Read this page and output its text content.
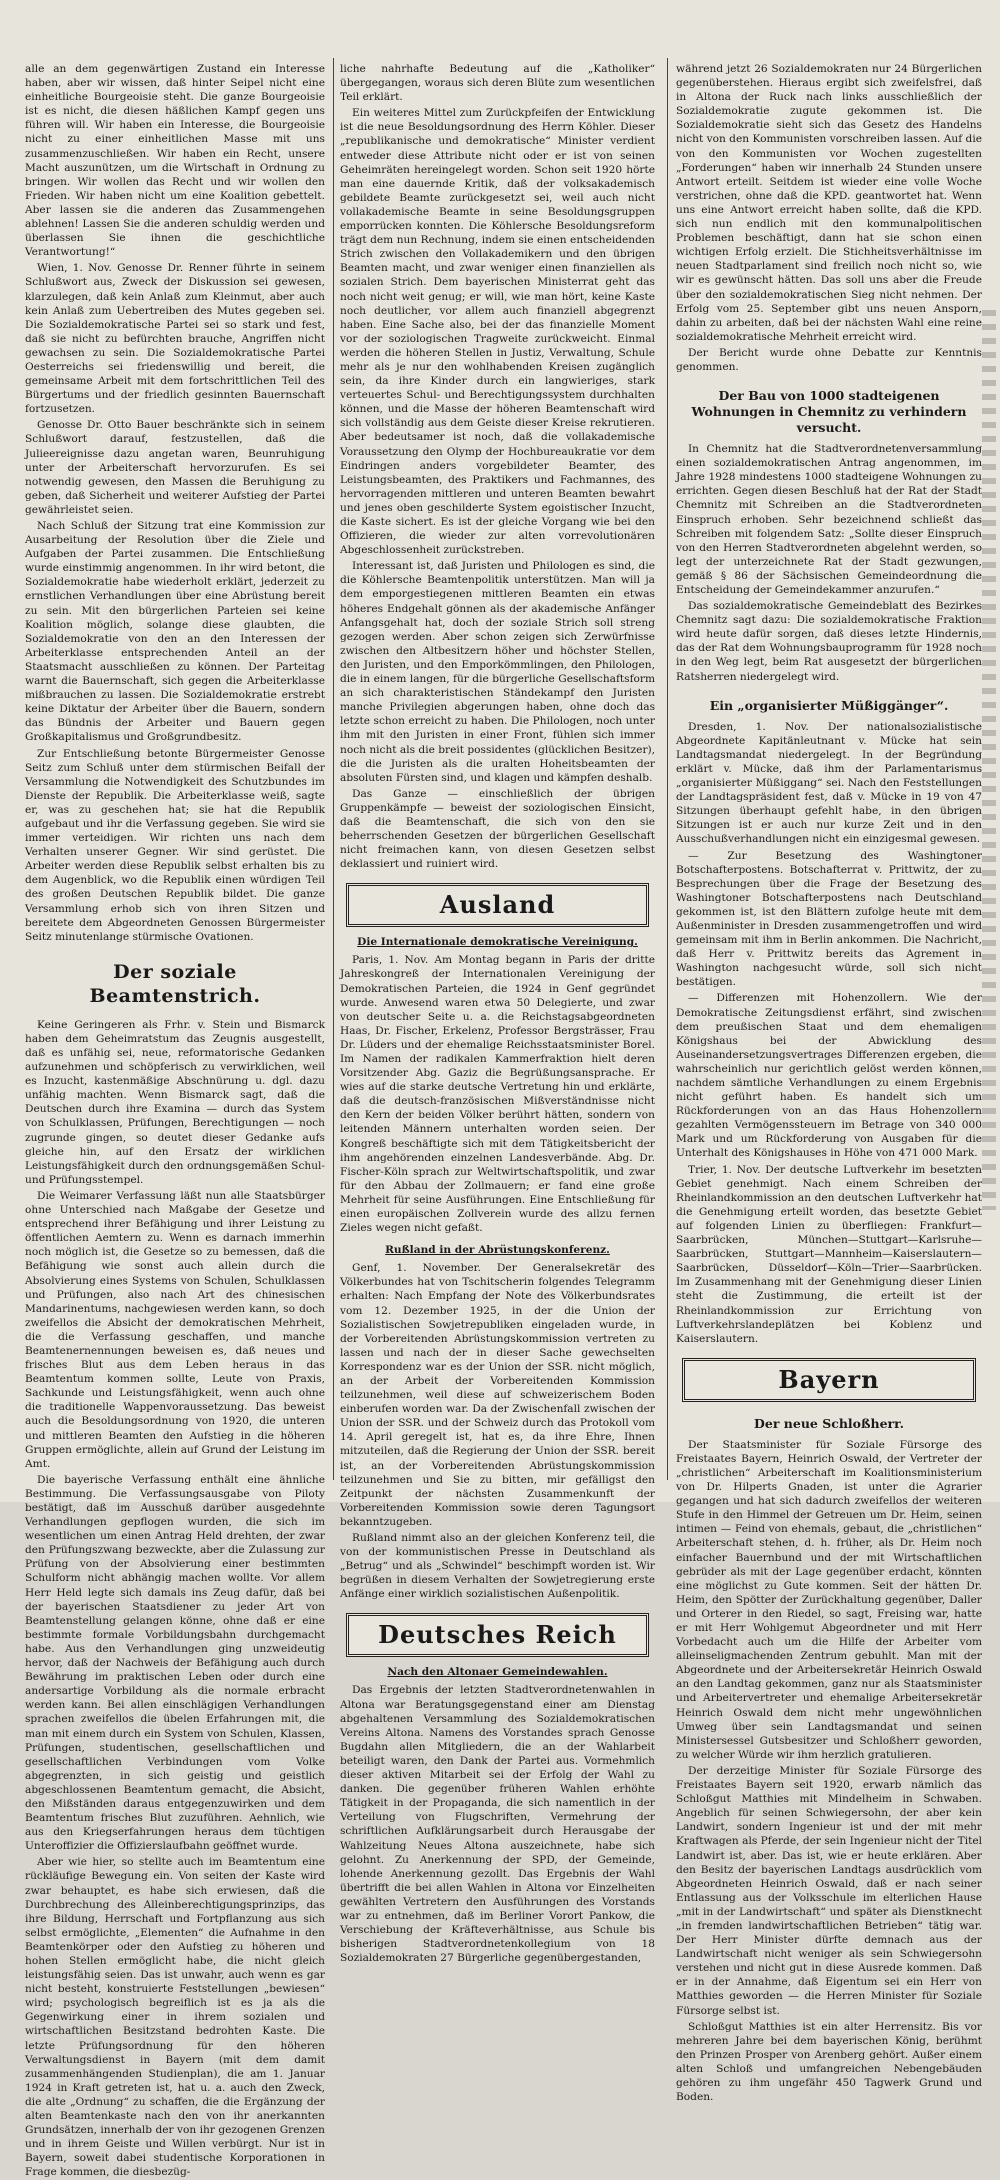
alle an dem gegenwärtigen Zustand ein Interesse haben, aber wir wissen, daß hinter Seipel nicht eine einheitliche Bourgeoisie steht. Die ganze Bourgeoisie ist es nicht, die diesen häßlichen Kampf gegen uns führen will. Wir haben ein Interesse, die Bourgeoisie nicht zu einer einheitlichen Masse mit uns zusammenzuschließen. Wir haben ein Recht, unsere Macht auszunützen, um die Wirtschaft in Ordnung zu bringen. Wir wollen das Recht und wir wollen den Frieden. Wir haben nicht um eine Koalition gebettelt. Aber lassen sie die anderen das Zusammengehen ablehnen! Lassen Sie die anderen schuldig werden und überlassen Sie ihnen die geschichtliche Verantwortung!“

Wien, 1. Nov. Genosse Dr. Renner führte in seinem Schlußwort aus, Zweck der Diskussion sei gewesen, klarzulegen, daß kein Anlaß zum Kleinmut, aber auch kein Anlaß zum Uebertreiben des Mutes gegeben sei. Die Sozialdemokratische Partei sei so stark und fest, daß sie nicht zu befürchten brauche, Angriffen nicht gewachsen zu sein. Die Sozialdemokratische Partei Oesterreichs sei friedenswillig und bereit, die gemeinsame Arbeit mit dem fortschrittlichen Teil des Bürgertums und der friedlich gesinnten Bauernschaft fortzusetzen.

Genosse Dr. Otto Bauer beschränkte sich in seinem Schlußwort darauf, festzustellen, daß die Julieereignisse dazu angetan waren, Beunruhigung unter der Arbeiterschaft hervorzurufen. Es sei notwendig gewesen, den Massen die Beruhigung zu geben, daß Sicherheit und weiterer Aufstieg der Partei gewährleistet seien.

Nach Schluß der Sitzung trat eine Kommission zur Ausarbeitung der Resolution über die Ziele und Aufgaben der Partei zusammen. Die Entschließung wurde einstimmig angenommen. In ihr wird betont, die Sozialdemokratie habe wiederholt erklärt, jederzeit zu ernstlichen Verhandlungen über eine Abrüstung bereit zu sein. Mit den bürgerlichen Parteien sei keine Koalition möglich, solange diese glaubten, die Sozialdemokratie von den an den Interessen der Arbeiterklasse entsprechenden Anteil an der Staatsmacht ausschließen zu können. Der Parteitag warnt die Bauernschaft, sich gegen die Arbeiterklasse mißbrauchen zu lassen. Die Sozialdemokratie erstrebt keine Diktatur der Arbeiter über die Bauern, sondern das Bündnis der Arbeiter und Bauern gegen Großkapitalismus und Großgrundbesitz.

Zur Entschließung betonte Bürgermeister Genosse Seitz zum Schluß unter dem stürmischen Beifall der Versammlung die Notwendigkeit des Schutzbundes im Dienste der Republik. Die Arbeiterklasse weiß, sagte er, was zu geschehen hat; sie hat die Republik aufgebaut und ihr die Verfassung gegeben. Sie wird sie immer verteidigen. Wir richten uns nach dem Verhalten unserer Gegner. Wir sind gerüstet. Die Arbeiter werden diese Republik selbst erhalten bis zu dem Augenblick, wo die Republik einen würdigen Teil des großen Deutschen Republik bildet. Die ganze Versammlung erhob sich von ihren Sitzen und bereitete dem Abgeordneten Genossen Bürgermeister Seitz minutenlange stürmische Ovationen.

Der soziale Beamtenstrich.

Keine Geringeren als Frhr. v. Stein und Bismarck haben dem Geheimratstum das Zeugnis ausgestellt, daß es unfähig sei, neue, reformatorische Gedanken aufzunehmen und schöpferisch zu verwirklichen, weil es Inzucht, kastenmäßige Abschnürung u. dgl. dazu unfähig machten. Wenn Bismarck sagt, daß die Deutschen durch ihre Examina — durch das System von Schulklassen, Prüfungen, Berechtigungen — noch zugrunde gingen, so deutet dieser Gedanke aufs gleiche hin, auf den Ersatz der wirklichen Leistungsfähigkeit durch den ordnungsgemäßen Schul- und Prüfungsstempel.

Die Weimarer Verfassung läßt nun alle Staatsbürger ohne Unterschied nach Maßgabe der Gesetze und entsprechend ihrer Befähigung und ihrer Leistung zu öffentlichen Aemtern zu. Wenn es darnach immerhin noch möglich ist, die Gesetze so zu bemessen, daß die Befähigung wie sonst auch allein durch die Absolvierung eines Systems von Schulen, Schulklassen und Prüfungen, also nach Art des chinesischen Mandarinentums, nachgewiesen werden kann, so doch zweifellos die Absicht der demokratischen Mehrheit, die die Verfassung geschaffen, und manche Beamtenernennungen beweisen es, daß neues und frisches Blut aus dem Leben heraus in das Beamtentum kommen sollte, Leute von Praxis, Sachkunde und Leistungsfähigkeit, wenn auch ohne die traditionelle Wappenvoraussetzung. Das beweist auch die Besoldungsordnung von 1920, die unteren und mittleren Beamten den Aufstieg in die höheren Gruppen ermöglichte, allein auf Grund der Leistung im Amt.

Die bayerische Verfassung enthält eine ähnliche Bestimmung. Die Verfassungsausgabe von Piloty bestätigt, daß im Ausschuß darüber ausgedehnte Verhandlungen gepflogen wurden, die sich im wesentlichen um einen Antrag Held drehten, der zwar den Prüfungszwang bezweckte, aber die Zulassung zur Prüfung von der Absolvierung einer bestimmten Schulform nicht abhängig machen wollte. Vor allem Herr Held legte sich damals ins Zeug dafür, daß bei der bayerischen Staatsdiener zu jeder Art von Beamtenstellung gelangen könne, ohne daß er eine bestimmte formale Vorbildungsbahn durchgemacht habe. Aus den Verhandlungen ging unzweideutig hervor, daß der Nachweis der Befähigung auch durch Bewährung im praktischen Leben oder durch eine andersartige Vorbildung als die normale erbracht werden kann. Bei allen einschlägigen Verhandlungen sprachen zweifellos die übelen Erfahrungen mit, die man mit einem durch ein System von Schulen, Klassen, Prüfungen, studentischen, gesellschaftlichen und gesellschaftlichen Verbindungen vom Volke abgegrenzten, in sich geistig und geistlich abgeschlossenen Beamtentum gemacht, die Absicht, den Mißständen daraus entgegenzuwirken und dem Beamtentum frisches Blut zuzuführen. Aehnlich, wie aus den Kriegserfahrungen heraus dem tüchtigen Unteroffizier die Offizierslaufbahn geöffnet wurde.

Aber wie hier, so stellte auch im Beamtentum eine rückläufige Bewegung ein. Von seiten der Kaste wird zwar behauptet, es habe sich erwiesen, daß die Durchbrechung des Alleinberechtigungsprinzips, das ihre Bildung, Herrschaft und Fortpflanzung aus sich selbst ermöglichte, „Elementen“ die Aufnahme in den Beamtenkörper oder den Aufstieg zu höheren und hohen Stellen ermöglicht habe, die nicht gleich leistungsfähig seien. Das ist unwahr, auch wenn es gar nicht besteht, konstruierte Feststellungen „bewiesen“ wird; psychologisch begreiflich ist es ja als die Gegenwirkung einer in ihrem sozialen und wirtschaftlichen Besitzstand bedrohten Kaste. Die letzte Prüfungsordnung für den höheren Verwaltungsdienst in Bayern (mit dem damit zusammenhängenden Studienplan), die am 1. Januar 1924 in Kraft getreten ist, hat u. a. auch den Zweck, die alte „Ordnung“ zu schaffen, die die Ergänzung der alten Beamtenkaste nach den von ihr anerkannten Grundsätzen, innerhalb der von ihr gezogenen Grenzen und in ihrem Geiste und Willen verbürgt. Nur ist in Bayern, soweit dabei studentische Korporationen in Frage kommen, die diesbezüg-

liche nahrhafte Bedeutung auf die „Katholiker“ übergegangen, woraus sich deren Blüte zum wesentlichen Teil erklärt.

Ein weiteres Mittel zum Zurückpfeifen der Entwicklung ist die neue Besoldungsordnung des Herrn Köhler. Dieser „republikanische und demokratische“ Minister verdient entweder diese Attribute nicht oder er ist von seinen Geheimräten hereingelegt worden. Schon seit 1920 hörte man eine dauernde Kritik, daß der volksakademisch gebildete Beamte zurückgesetzt sei, weil auch nicht vollakademische Beamte in seine Besoldungsgruppen emporrücken konnten. Die Köhlersche Besoldungsreform trägt dem nun Rechnung, indem sie einen entscheidenden Strich zwischen den Vollakademikern und den übrigen Beamten macht, und zwar weniger einen finanziellen als sozialen Strich. Dem bayerischen Ministerrat geht das noch nicht weit genug; er will, wie man hört, keine Kaste noch deutlicher, vor allem auch finanziell abgegrenzt haben. Eine Sache also, bei der das finanzielle Moment vor der soziologischen Tragweite zurückweicht. Einmal werden die höheren Stellen in Justiz, Verwaltung, Schule mehr als je nur den wohlhabenden Kreisen zugänglich sein, da ihre Kinder durch ein langwieriges, stark verteuertes Schul- und Berechtigungssystem durchhalten können, und die Masse der höheren Beamtenschaft wird sich vollständig aus dem Geiste dieser Kreise rekrutieren. Aber bedeutsamer ist noch, daß die vollakademische Voraussetzung den Olymp der Hochbureaukratie vor dem Eindringen anders vorgebildeter Beamter, des Leistungsbeamten, des Praktikers und Fachmannes, des hervorragenden mittleren und unteren Beamten bewahrt und jenes oben geschilderte System egoistischer Inzucht, die Kaste sichert. Es ist der gleiche Vorgang wie bei den Offizieren, die wieder zur alten vorrevolutionären Abgeschlossenheit zurückstreben.

Interessant ist, daß Juristen und Philologen es sind, die die Köhlersche Beamtenpolitik unterstützen. Man will ja dem emporgestiegenen mittleren Beamten ein etwas höheres Endgehalt gönnen als der akademische Anfänger Anfangsgehalt hat, doch der soziale Strich soll streng gezogen werden. Aber schon zeigen sich Zerwürfnisse zwischen den Altbesitzern höher und höchster Stellen, den Juristen, und den Emporkömmlingen, den Philologen, die in einem langen, für die bürgerliche Gesellschaftsform an sich charakteristischen Ständekampf den Juristen manche Privilegien abgerungen haben, ohne doch das letzte schon erreicht zu haben. Die Philologen, noch unter ihm mit den Juristen in einer Front, fühlen sich immer noch nicht als die breit possidentes (glücklichen Besitzer), die die Juristen als die uralten Hoheitsbeamten der absoluten Fürsten sind, und klagen und kämpfen deshalb.

Das Ganze — einschließlich der übrigen Gruppenkämpfe — beweist der soziologischen Einsicht, daß die Beamtenschaft, die sich von den sie beherrschenden Gesetzen der bürgerlichen Gesellschaft nicht freimachen kann, von diesen Gesetzen selbst deklassiert und ruiniert wird.

Ausland
Die Internationale demokratische Vereinigung.

Paris, 1. Nov. Am Montag begann in Paris der dritte Jahreskongreß der Internationalen Vereinigung der Demokratischen Parteien, die 1924 in Genf gegründet wurde. Anwesend waren etwa 50 Delegierte, und zwar von deutscher Seite u. a. die Reichstagsabgeordneten Haas, Dr. Fischer, Erkelenz, Professor Bergsträsser, Frau Dr. Lüders und der ehemalige Reichsstaatsminister Borel. Im Namen der radikalen Kammerfraktion hielt deren Vorsitzender Abg. Gaziz die Begrüßungsansprache. Er wies auf die starke deutsche Vertretung hin und erklärte, daß die deutsch-französischen Mißverständnisse nicht den Kern der beiden Völker berührt hätten, sondern von leitenden Männern unterhalten worden seien. Der Kongreß beschäftigte sich mit dem Tätigkeitsbericht der ihm angehörenden einzelnen Landesverbände. Abg. Dr. Fischer-Köln sprach zur Weltwirtschaftspolitik, und zwar für den Abbau der Zollmauern; er fand eine große Mehrheit für seine Ausführungen. Eine Entschließung für einen europäischen Zollverein wurde des allzu fernen Zieles wegen nicht gefaßt.

Rußland in der Abrüstungskonferenz.

Genf, 1. November. Der Generalsekretär des Völkerbundes hat von Tschitscherin folgendes Telegramm erhalten: Nach Empfang der Note des Völkerbundsrates vom 12. Dezember 1925, in der die Union der Sozialistischen Sowjetrepubliken eingeladen wurde, in der Vorbereitenden Abrüstungskommission vertreten zu lassen und nach der in dieser Sache gewechselten Korrespondenz war es der Union der SSR. nicht möglich, an der Arbeit der Vorbereitenden Kommission teilzunehmen, weil diese auf schweizerischem Boden einberufen worden war. Da der Zwischenfall zwischen der Union der SSR. und der Schweiz durch das Protokoll vom 14. April geregelt ist, hat es, da ihre Ehre, Ihnen mitzuteilen, daß die Regierung der Union der SSR. bereit ist, an der Vorbereitenden Abrüstungskommission teilzunehmen und Sie zu bitten, mir gefälligst den Zeitpunkt der nächsten Zusammenkunft der Vorbereitenden Kommission sowie deren Tagungsort bekanntzugeben.

Rußland nimmt also an der gleichen Konferenz teil, die von der kommunistischen Presse in Deutschland als „Betrug“ und als „Schwindel“ beschimpft worden ist. Wir begrüßen in diesem Verhalten der Sowjetregierung erste Anfänge einer wirklich sozialistischen Außenpolitik.

Deutsches Reich
Nach den Altonaer Gemeindewahlen.

Das Ergebnis der letzten Stadtverordnetenwahlen in Altona war Beratungsgegenstand einer am Dienstag abgehaltenen Versammlung des Sozialdemokratischen Vereins Altona. Namens des Vorstandes sprach Genosse Bugdahn allen Mitgliedern, die an der Wahlarbeit beteiligt waren, den Dank der Partei aus. Vormehmlich dieser aktiven Mitarbeit sei der Erfolg der Wahl zu danken. Die gegenüber früheren Wahlen erhöhte Tätigkeit in der Propaganda, die sich namentlich in der Verteilung von Flugschriften, Vermehrung der schriftlichen Aufklärungsarbeit durch Herausgabe der Wahlzeitung Neues Altona auszeichnete, habe sich gelohnt. Zu Anerkennung der SPD, der Gemeinde, lohende Anerkennung gezollt. Das Ergebnis der Wahl übertrifft die bei allen Wahlen in Altona vor Einzelheiten gewählten Vertretern den Ausführungen des Vorstands war zu entnehmen, daß im Berliner Vorort Pankow, die Verschiebung der Kräfteverhältnisse, aus Schule bis bisherigen Stadtverordnetenkollegium von 18 Sozialdemokraten 27 Bürgerliche gegenübergestanden,

während jetzt 26 Sozialdemokraten nur 24 Bürgerlichen gegenüberstehen. Hieraus ergibt sich zweifelsfrei, daß in Altona der Ruck nach links ausschließlich der Sozialdemokratie zugute gekommen ist. Die Sozialdemokratie sieht sich das Gesetz des Handelns nicht von den Kommunisten vorschreiben lassen. Auf die von den Kommunisten vor Wochen zugestellten „Forderungen“ haben wir innerhalb 24 Stunden unsere Antwort erteilt. Seitdem ist wieder eine volle Woche verstrichen, ohne daß die KPD. geantwortet hat. Wenn uns eine Antwort erreicht haben sollte, daß die KPD. sich nun endlich mit den kommunalpolitischen Problemen beschäftigt, dann hat sie schon einen wichtigen Erfolg erzielt. Die Stichheitsverhältnisse im neuen Stadtparlament sind freilich noch nicht so, wie wir es gewünscht hätten. Das soll uns aber die Freude über den sozialdemokratischen Sieg nicht nehmen. Der Erfolg vom 25. September gibt uns neuen Ansporn, dahin zu arbeiten, daß bei der nächsten Wahl eine reine sozialdemokratische Mehrheit erreicht wird.

Der Bericht wurde ohne Debatte zur Kenntnis genommen.

Der Bau von 1000 stadteigenen Wohnungen in Chemnitz zu verhindern versucht.

In Chemnitz hat die Stadtverordnetenversammlung einen sozialdemokratischen Antrag angenommen, im Jahre 1928 mindestens 1000 stadteigene Wohnungen zu errichten. Gegen diesen Beschluß hat der Rat der Stadt Chemnitz mit Schreiben an die Stadtverordneten Einspruch erhoben. Sehr bezeichnend schließt das Schreiben mit folgendem Satz: „Sollte dieser Einspruch von den Herren Stadtverordneten abgelehnt werden, so legt der unterzeichnete Rat der Stadt gezwungen, gemäß § 86 der Sächsischen Gemeindeordnung die Entscheidung der Gemeindekammer anzurufen.“

Das sozialdemokratische Gemeindeblatt des Bezirkes Chemnitz sagt dazu: Die sozialdemokratische Fraktion wird heute dafür sorgen, daß dieses letzte Hindernis, das der Rat dem Wohnungsbauprogramm für 1928 noch in den Weg legt, beim Rat ausgesetzt der bürgerlichen Ratsherren niedergelegt wird.

Ein „organisierter Müßiggänger“.

Dresden, 1. Nov. Der nationalsozialistische Abgeordnete Kapitänleutnant v. Mücke hat sein Landtagsmandat niedergelegt. In der Begründung erklärt v. Mücke, daß ihm der Parlamentarismus „organisierter Müßiggang“ sei. Nach den Feststellungen der Landtagspräsident fest, daß v. Mücke in 19 von 47 Sitzungen überhaupt gefehlt habe, in den übrigen Sitzungen ist er auch nur kurze Zeit und in den Ausschußverhandlungen nicht ein einzigesmal gewesen.

— Zur Besetzung des Washingtoner Botschafterpostens. Botschafterrat v. Prittwitz, der zu Besprechungen über die Frage der Besetzung des Washingtoner Botschafterpostens nach Deutschland gekommen ist, ist den Blättern zufolge heute mit dem Außenminister in Dresden zusammengetroffen und wird gemeinsam mit ihm in Berlin ankommen. Die Nachricht, daß Herr v. Prittwitz bereits das Agrement in Washington nachgesucht würde, soll sich nicht bestätigen.

— Differenzen mit Hohenzollern. Wie der Demokratische Zeitungsdienst erfährt, sind zwischen dem preußischen Staat und dem ehemaligen Königshaus bei der Abwicklung des Auseinandersetzungsvertrages Differenzen ergeben, die wahrscheinlich nur gerichtlich gelöst werden können, nachdem sämtliche Verhandlungen zu einem Ergebnis nicht geführt haben. Es handelt sich um Rückforderungen von an das Haus Hohenzollern gezahlten Vermögenssteuern im Betrage von 340 000 Mark und um Rückforderung von Ausgaben für die Unterhalt des Königshauses in Höhe von 471 000 Mark.

Trier, 1. Nov. Der deutsche Luftverkehr im besetzten Gebiet genehmigt. Nach einem Schreiben der Rheinlandkommission an den deutschen Luftverkehr hat die Genehmigung erteilt worden, das besetzte Gebiet auf folgenden Linien zu überfliegen: Frankfurt—Saarbrücken, München—Stuttgart—Karlsruhe—Saarbrücken, Stuttgart—Mannheim—Kaiserslautern—Saarbrücken, Düsseldorf—Köln—Trier—Saarbrücken. Im Zusammenhang mit der Genehmigung dieser Linien steht die Zustimmung, die erteilt ist der Rheinlandkommission zur Errichtung von Luftverkehrslandeplätzen bei Koblenz und Kaiserslautern.

Bayern
Der neue Schloßherr.

Der Staatsminister für Soziale Fürsorge des Freistaates Bayern, Heinrich Oswald, der Vertreter der „christlichen“ Arbeiterschaft im Koalitionsministerium von Dr. Hilperts Gnaden, ist unter die Agrarier gegangen und hat sich dadurch zweifellos der weiteren Stufe in den Himmel der Getreuen um Dr. Heim, seinen intimen — Feind von ehemals, gebaut, die „christlichen“ Arbeiterschaft stehen, d. h. früher, als Dr. Heim noch einfacher Bauernbund und der mit Wirtschaftlichen gebrüder als mit der Lage gegenüber erdacht, könnten eine möglichst zu Gute kommen. Seit der hätten Dr. Heim, den Spötter der Zurückhaltung gegenüber, Daller und Orterer in den Riedel, so sagt, Freising war, hatte er mit Herr Wohlgemut Abgeordneter und mit Herr Vorbedacht auch um die Hilfe der Arbeiter vom alleinseligmachenden Zentrum gebuhlt. Man mit der Abgeordnete und der Arbeitersekretär Heinrich Oswald an den Landtag gekommen, ganz nur als Staatsminister und Arbeitervertreter und ehemalige Arbeitersekretär Heinrich Oswald dem nicht mehr ungewöhnlichen Umweg über sein Landtagsmandat und seinen Ministersessel Gutsbesitzer und Schloßherr geworden, zu welcher Würde wir ihm herzlich gratulieren.

Der derzeitige Minister für Soziale Fürsorge des Freistaates Bayern seit 1920, erwarb nämlich das Schloßgut Matthies mit Mindelheim in Schwaben. Angeblich für seinen Schwiegersohn, der aber kein Landwirt, sondern Ingenieur ist und der mit mehr Kraftwagen als Pferde, der sein Ingenieur nicht der Titel Landwirt ist, aber. Das ist, wie er heute erklären. Aber den Besitz der bayerischen Landtags ausdrücklich vom Abgeordneten Heinrich Oswald, daß er nach seiner Entlassung aus der Volksschule im elterlichen Hause „mit in der Landwirtschaft“ und später als Dienstknecht „in fremden landwirtschaftlichen Betrieben“ tätig war. Der Herr Minister dürfte demnach aus der Landwirtschaft nicht weniger als sein Schwiegersohn verstehen und nicht gut in diese Ausrede kommen. Daß er in der Annahme, daß Eigentum sei ein Herr von Matthies geworden — die Herren Minister für Soziale Fürsorge selbst ist.

Schloßgut Matthies ist ein alter Herrensitz. Bis vor mehreren Jahre bei dem bayerischen König, berühmt den Prinzen Prosper von Arenberg gehört. Außer einem alten Schloß und umfangreichen Nebengebäuden gehören zu ihm ungefähr 450 Tagwerk Grund und Boden.
